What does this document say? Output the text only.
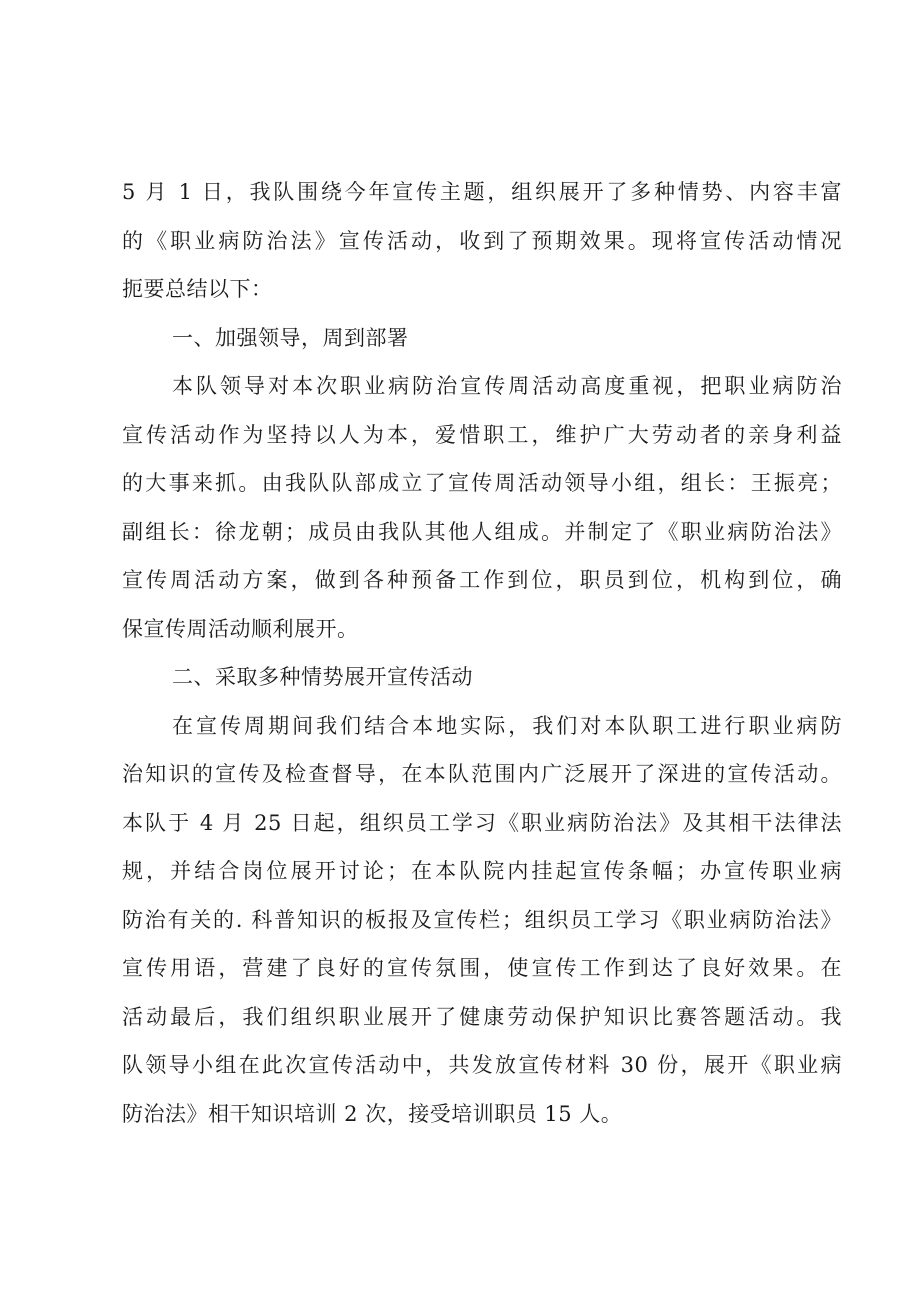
5 月 1 日，我队围绕今年宣传主题，组织展开了多种情势、内容丰富
的《职业病防治法》宣传活动，收到了预期效果。现将宣传活动情况
扼要总结以下：
一、加强领导，周到部署
本队领导对本次职业病防治宣传周活动高度重视，把职业病防治
宣传活动作为坚持以人为本，爱惜职工，维护广大劳动者的亲身利益
的大事来抓。由我队队部成立了宣传周活动领导小组，组长：王振亮；
副组长：徐龙朝；成员由我队其他人组成。并制定了《职业病防治法》
宣传周活动方案，做到各种预备工作到位，职员到位，机构到位，确
保宣传周活动顺利展开。
二、采取多种情势展开宣传活动
在宣传周期间我们结合本地实际，我们对本队职工进行职业病防
治知识的宣传及检查督导，在本队范围内广泛展开了深进的宣传活动。
本队于 4 月 25 日起，组织员工学习《职业病防治法》及其相干法律法
规，并结合岗位展开讨论；在本队院内挂起宣传条幅；办宣传职业病
防治有关的. 科普知识的板报及宣传栏；组织员工学习《职业病防治法》
宣传用语，营建了良好的宣传氛围，使宣传工作到达了良好效果。在
活动最后，我们组织职业展开了健康劳动保护知识比赛答题活动。我
队领导小组在此次宣传活动中，共发放宣传材料 30 份，展开《职业病
防治法》相干知识培训 2 次，接受培训职员 15 人。
